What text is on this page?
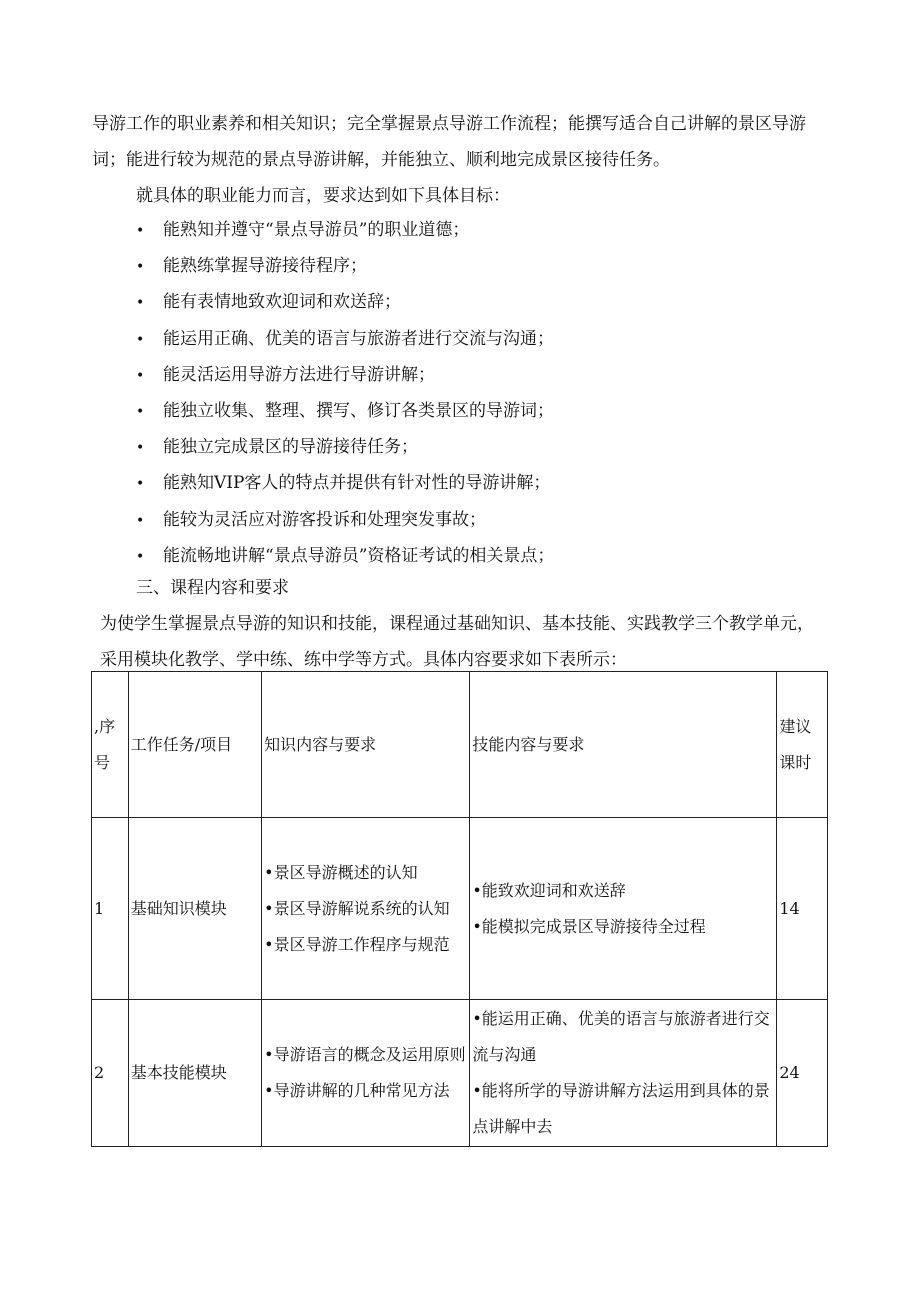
导游工作的职业素养和相关知识；完全掌握景点导游工作流程；能撰写适合自己讲解的景区导游

词；能进行较为规范的景点导游讲解，并能独立、顺利地完成景区接待任务。

就具体的职业能力而言，要求达到如下具体目标：

• 能熟知并遵守“景点导游员”的职业道德；
• 能熟练掌握导游接待程序；
• 能有表情地致欢迎词和欢送辞；
• 能运用正确、优美的语言与旅游者进行交流与沟通；
• 能灵活运用导游方法进行导游讲解；
• 能独立收集、整理、撰写、修订各类景区的导游词；
• 能独立完成景区的导游接待任务；
• 能熟知VIP客人的特点并提供有针对性的导游讲解；
• 能较为灵活应对游客投诉和处理突发事故；
• 能流畅地讲解“景点导游员”资格证考试的相关景点；

三、课程内容和要求

为使学生掌握景点导游的知识和技能，课程通过基础知识、基本技能、实践教学三个教学单元，

采用模块化教学、学中练、练中学等方式。具体内容要求如下表所示：

,序号	工作任务/项目	知识内容与要求	技能内容与要求	建议课时
1	基础知识模块	• 景区导游概述的认知
• 景区导游解说系统的认知
• 景区导游工作程序与规范	• 能致欢迎词和欢送辞
• 能模拟完成景区导游接待全过程	14
2	基本技能模块	• 导游语言的概念及运用原则
• 导游讲解的几种常见方法	• 能运用正确、优美的语言与旅游者进行交流与沟通
• 能将所学的导游讲解方法运用到具体的景点讲解中去	24
